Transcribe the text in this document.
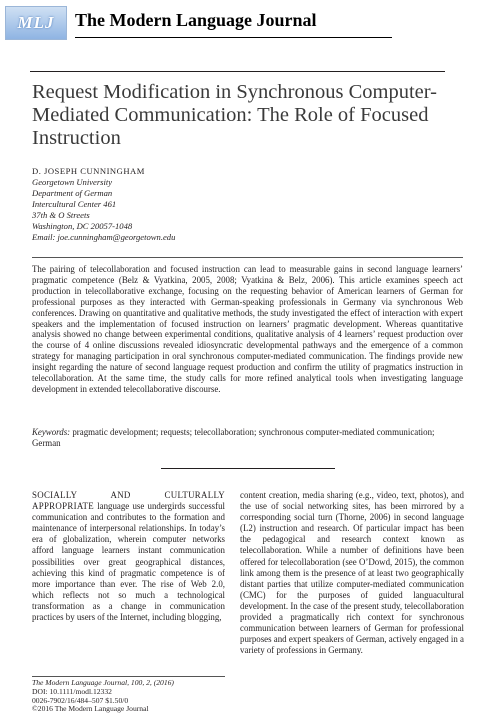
MLJ	The Modern Language Journal
Request Modification in Synchronous Computer-Mediated Communication: The Role of Focused Instruction
D. JOSEPH CUNNINGHAM
Georgetown University
Department of German
Intercultural Center 461
37th & O Streets
Washington, DC 20057-1048
Email: joe.cunningham@georgetown.edu

The pairing of telecollaboration and focused instruction can lead to measurable gains in second language learners’ pragmatic competence (Belz & Vyatkina, 2005, 2008; Vyatkina & Belz, 2006). This article examines speech act production in telecollaborative exchange, focusing on the requesting behavior of American learners of German for professional purposes as they interacted with German-speaking professionals in Germany via synchronous Web conferences. Drawing on quantitative and qualitative methods, the study investigated the effect of interaction with expert speakers and the implementation of focused instruction on learners’ pragmatic development. Whereas quantitative analysis showed no change between experimental conditions, qualitative analysis of 4 learners’ request production over the course of 4 online discussions revealed idiosyncratic developmental pathways and the emergence of a common strategy for managing participation in oral synchronous computer-mediated communication. The findings provide new insight regarding the nature of second language request production and confirm the utility of pragmatics instruction in telecollaboration. At the same time, the study calls for more refined analytical tools when investigating language development in extended telecollaborative discourse.

Keywords: pragmatic development; requests; telecollaboration; synchronous computer-mediated communication; German

SOCIALLY AND CULTURALLY APPROPRIATE language use undergirds successful communication and contributes to the formation and maintenance of interpersonal relationships. In today’s era of globalization, wherein computer networks afford language learners instant communication possibilities over great geographical distances, achieving this kind of pragmatic competence is of more importance than ever. The rise of Web 2.0, which reflects not so much a technological transformation as a change in communication practices by users of the Internet, including blogging,

content creation, media sharing (e.g., video, text, photos), and the use of social networking sites, has been mirrored by a corresponding social turn (Thorne, 2006) in second language (L2) instruction and research. Of particular impact has been the pedagogical and research context known as telecollaboration. While a number of definitions have been offered for telecollaboration (see O’Dowd, 2015), the common link among them is the presence of at least two geographically distant parties that utilize computer-mediated communication (CMC) for the purposes of guided languacultural development. In the case of the present study, telecollaboration provided a pragmatically rich context for synchronous communication between learners of German for professional purposes and expert speakers of German, actively engaged in a variety of professions in Germany.

The Modern Language Journal, 100, 2, (2016)
DOI: 10.1111/modl.12332
0026-7902/16/484–507 $1.50/0
©2016 The Modern Language Journal
